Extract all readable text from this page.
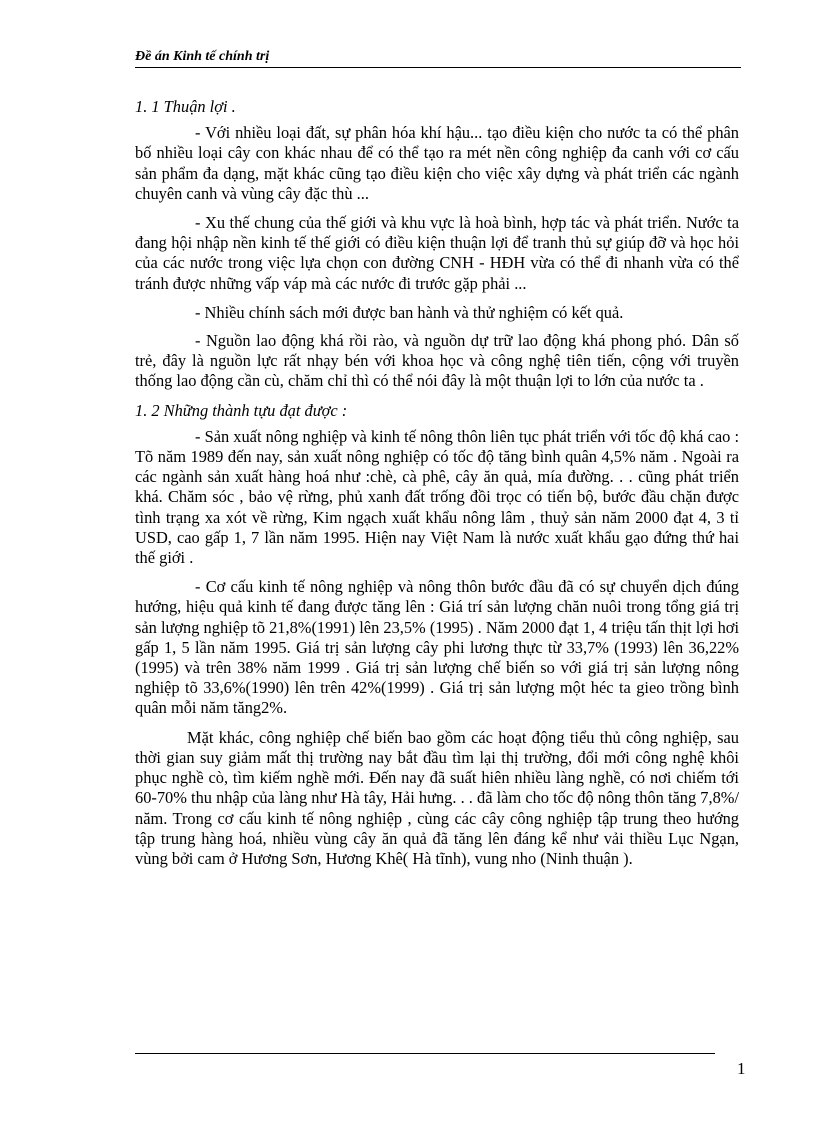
Đề án Kinh tế chính trị
1. 1 Thuận lợi .

- Với nhiều loại đất, sự phân hóa khí hậu... tạo điều kiện cho nước ta có thể phân bố nhiều loại cây con khác nhau để có thể tạo ra mét nền công nghiệp đa canh với cơ cấu sản phẩm đa dạng, mặt khác cũng tạo điều kiện cho việc xây dựng và phát triển các ngành chuyên canh và vùng cây đặc thù ...

- Xu thế chung của thế giới và khu vực là hoà bình, hợp tác và phát triển. Nước ta đang hội nhập nền kinh tế thế giới có điều kiện thuận lợi để tranh thủ sự giúp đỡ và học hỏi của các nước trong việc lựa chọn con đường CNH - HĐH vừa có thể đi nhanh vừa có thể tránh được những vấp váp mà các nước đi trước gặp phải ...

- Nhiều chính sách mới được ban hành và thử nghiệm có kết quả.

- Nguồn lao động khá rồi rào, và nguồn dự trữ lao động khá phong phó. Dân số trẻ, đây là nguồn lực rất nhạy bén với khoa học và công nghệ tiên tiến, cộng với truyền thống lao động cần cù, chăm chỉ thì có thể nói đây là một thuận lợi to lớn của nước ta .

1. 2 Những thành tựu đạt được :

- Sản xuất nông nghiệp và kinh tế nông thôn liên tục phát triển với tốc độ khá cao : Tõ năm 1989 đến nay, sản xuất nông nghiệp có tốc độ tăng bình quân 4,5% năm . Ngoài ra các ngành sản xuất hàng hoá như :chè, cà phê, cây ăn quả, mía đường. . . cũng phát triển khá. Chăm sóc , bảo vệ rừng, phủ xanh đất trống đồi trọc có tiến bộ, bước đầu chặn được tình trạng xa xót về rừng, Kim ngạch xuất khẩu nông lâm , thuỷ sản năm 2000 đạt 4, 3 tỉ USD, cao gấp 1, 7 lần năm 1995. Hiện nay Việt Nam là nước xuất khẩu gạo đứng thứ hai thế giới .

- Cơ cấu kinh tế nông nghiệp và nông thôn bước đầu đã có sự chuyển dịch đúng hướng, hiệu quả kinh tế đang được tăng lên : Giá trí sản lượng chăn nuôi trong tổng giá trị sản lượng nghiệp tõ 21,8%(1991) lên 23,5% (1995) . Năm 2000 đạt 1, 4 triệu tấn thịt lợi hơi gấp 1, 5 lần năm 1995. Giá trị sản lượng cây phi lương thực từ 33,7% (1993) lên 36,22%(1995) và trên 38% năm 1999 . Giá trị sản lượng chế biến so với giá trị sản lượng nông nghiệp tõ 33,6%(1990) lên trên 42%(1999) . Giá trị sản lượng một héc ta gieo trồng bình quân mỗi năm tăng2%.

Mặt khác, công nghiệp chế biến bao gồm các hoạt động tiểu thủ công nghiệp, sau thời gian suy giảm mất thị trường nay bắt đầu tìm lại thị trường, đổi mới công nghệ khôi phục nghề cò, tìm kiếm nghề mới. Đến nay đã suất hiên nhiều làng nghề, có nơi chiếm tới 60-70% thu nhập của làng như Hà tây, Hải hưng. . . đã làm cho tốc độ nông thôn tăng 7,8%/ năm. Trong cơ cấu kinh tế nông nghiệp , cùng các cây công nghiệp tập trung theo hướng tập trung hàng hoá, nhiều vùng cây ăn quả đã tăng lên đáng kể như vải thiều Lục Ngạn, vùng bởi cam ở Hương Sơn, Hương Khê( Hà tĩnh), vung nho (Ninh thuận ).

1
